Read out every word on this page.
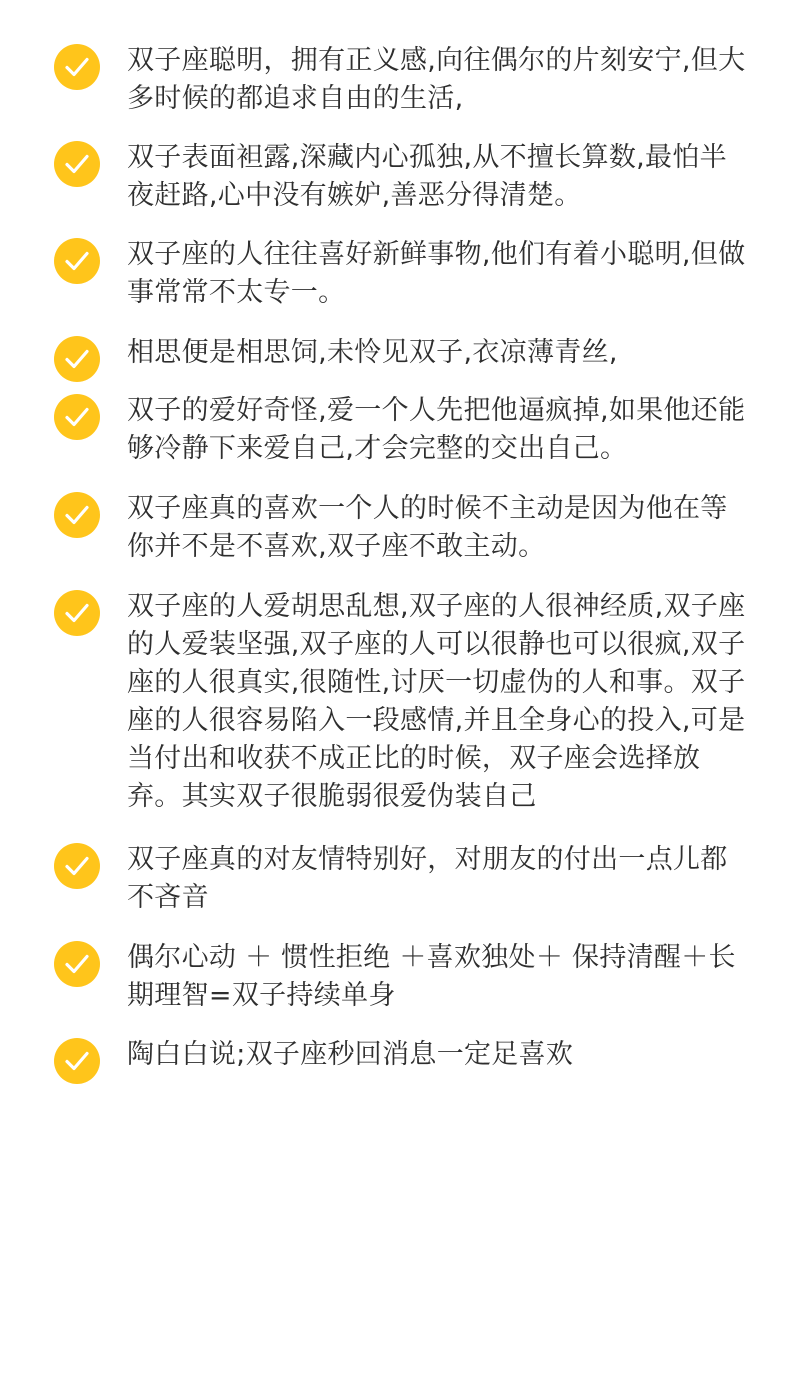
双子座聪明，拥有正义感,向往偶尔的片刻安宁,但大多时候的都追求自由的生活,
双子表面袒露,深藏内心孤独,从不擅长算数,最怕半夜赶路,心中没有嫉妒,善恶分得清楚。
双子座的人往往喜好新鲜事物,他们有着小聪明,但做事常常不太专一。
相思便是相思饲,未怜见双子,衣凉薄青丝,
双子的爱好奇怪,爱一个人先把他逼疯掉,如果他还能够冷静下来爱自己,才会完整的交出自己。
双子座真的喜欢一个人的时候不主动是因为他在等你并不是不喜欢,双子座不敢主动。
双子座的人爱胡思乱想,双子座的人很神经质,双子座的人爱装坚强,双子座的人可以很静也可以很疯,双子座的人很真实,很随性,讨厌一切虚伪的人和事。双子座的人很容易陷入一段感情,并且全身心的投入,可是当付出和收获不成正比的时候，双子座会选择放弃。其实双子很脆弱很爱伪装自己
双子座真的对友情特别好，对朋友的付出一点儿都不吝音
偶尔心动 ＋ 惯性拒绝 ＋喜欢独处＋ 保持清醒＋长期理智=双子持续单身
陶白白说;双子座秒回消息一定足喜欢
